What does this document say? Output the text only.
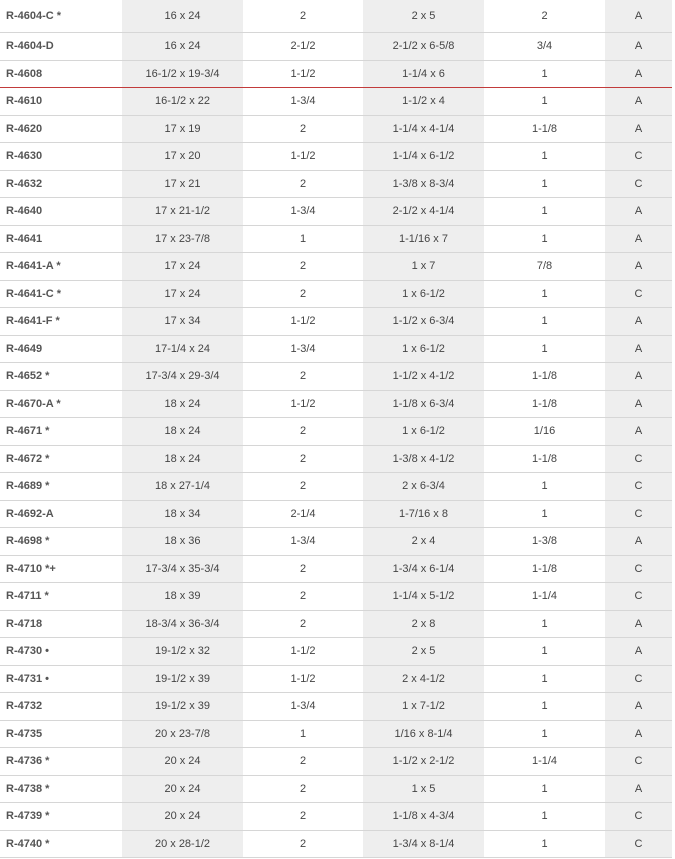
R-4604-C *	16 x 24	2	2 x 5	2	A
R-4604-D	16 x 24	2-1/2	2-1/2 x 6-5/8	3/4	A
R-4608	16-1/2 x 19-3/4	1-1/2	1-1/4 x 6	1	A
R-4610	16-1/2 x 22	1-3/4	1-1/2 x 4	1	A
R-4620	17 x 19	2	1-1/4 x 4-1/4	1-1/8	A
R-4630	17 x 20	1-1/2	1-1/4 x 6-1/2	1	C
R-4632	17 x 21	2	1-3/8 x 8-3/4	1	C
R-4640	17 x 21-1/2	1-3/4	2-1/2 x 4-1/4	1	A
R-4641	17 x 23-7/8	1	1-1/16 x 7	1	A
R-4641-A *	17 x 24	2	1 x 7	7/8	A
R-4641-C *	17 x 24	2	1 x 6-1/2	1	C
R-4641-F *	17 x 34	1-1/2	1-1/2 x 6-3/4	1	A
R-4649	17-1/4 x 24	1-3/4	1 x 6-1/2	1	A
R-4652 *	17-3/4 x 29-3/4	2	1-1/2 x 4-1/2	1-1/8	A
R-4670-A *	18 x 24	1-1/2	1-1/8 x 6-3/4	1-1/8	A
R-4671 *	18 x 24	2	1 x 6-1/2	1/16	A
R-4672 *	18 x 24	2	1-3/8 x 4-1/2	1-1/8	C
R-4689 *	18 x 27-1/4	2	2 x 6-3/4	1	C
R-4692-A	18 x 34	2-1/4	1-7/16 x 8	1	C
R-4698 *	18 x 36	1-3/4	2 x 4	1-3/8	A
R-4710 *+	17-3/4 x 35-3/4	2	1-3/4 x 6-1/4	1-1/8	C
R-4711 *	18 x 39	2	1-1/4 x 5-1/2	1-1/4	C
R-4718	18-3/4 x 36-3/4	2	2 x 8	1	A
R-4730 •	19-1/2 x 32	1-1/2	2 x 5	1	A
R-4731 •	19-1/2 x 39	1-1/2	2 x 4-1/2	1	C
R-4732	19-1/2 x 39	1-3/4	1 x 7-1/2	1	A
R-4735	20 x 23-7/8	1	1/16 x 8-1/4	1	A
R-4736 *	20 x 24	2	1-1/2 x 2-1/2	1-1/4	C
R-4738 *	20 x 24	2	1 x 5	1	A
R-4739 *	20 x 24	2	1-1/8 x 4-3/4	1	C
R-4740 *	20 x 28-1/2	2	1-3/4 x 8-1/4	1	C
